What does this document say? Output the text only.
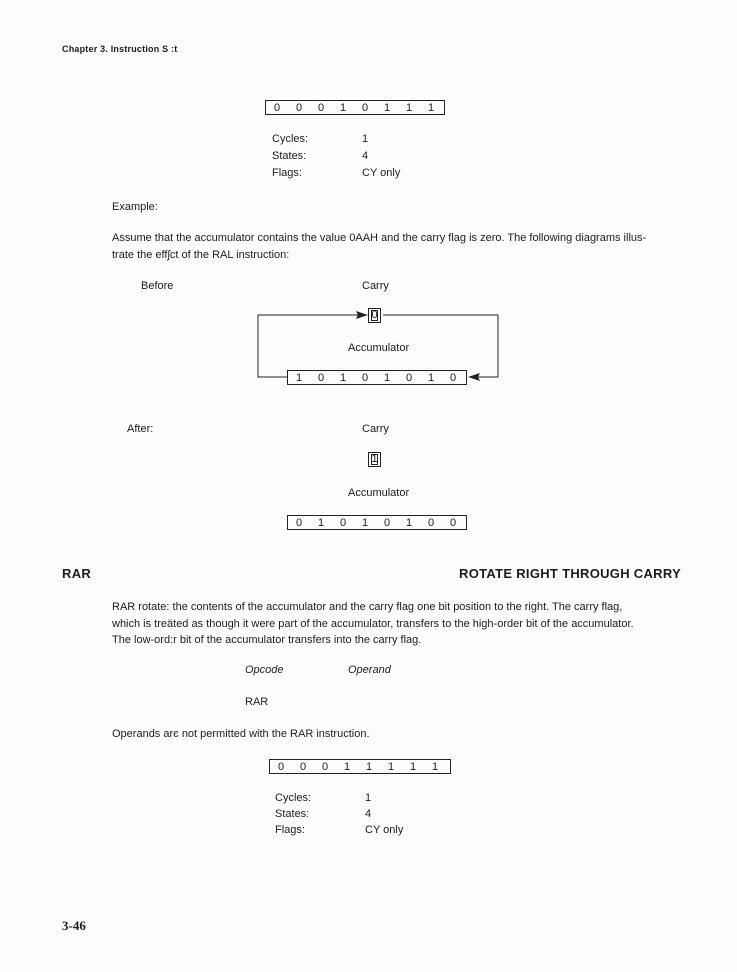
Chapter 3. Instruction S :t
0	0	0	1	0	1	1	1
Cycles:	1
States:	4
Flags:	CY only
Example:
Assume that the accumulator contains the value 0AAH and the carry flag is zero. The following diagrams illus-
trate the effʃct of the RAL instruction:
Before	Carry
0
Accumulator
1	0	1	0	1	0	1	0
After:	Carry
1
Accumulator
0	1	0	1	0	1	0	0
RAR	ROTATE RIGHT THROUGH CARRY
RAR rotate: the contents of the accumulator and the carry flag one bit position to the right. The carry flag,
which is treäted as though it were part of the accumulator, transfers to the high-order bit of the accumulator.
The low-ord:r bit of the accumulator transfers into the carry flag.
Opcode	Operand
RAR
Operands arє not permitted with the RAR instruction.
0	0	0	1	1	1	1	1
Cycles:	1
States:	4
Flags:	CY only
3-46
